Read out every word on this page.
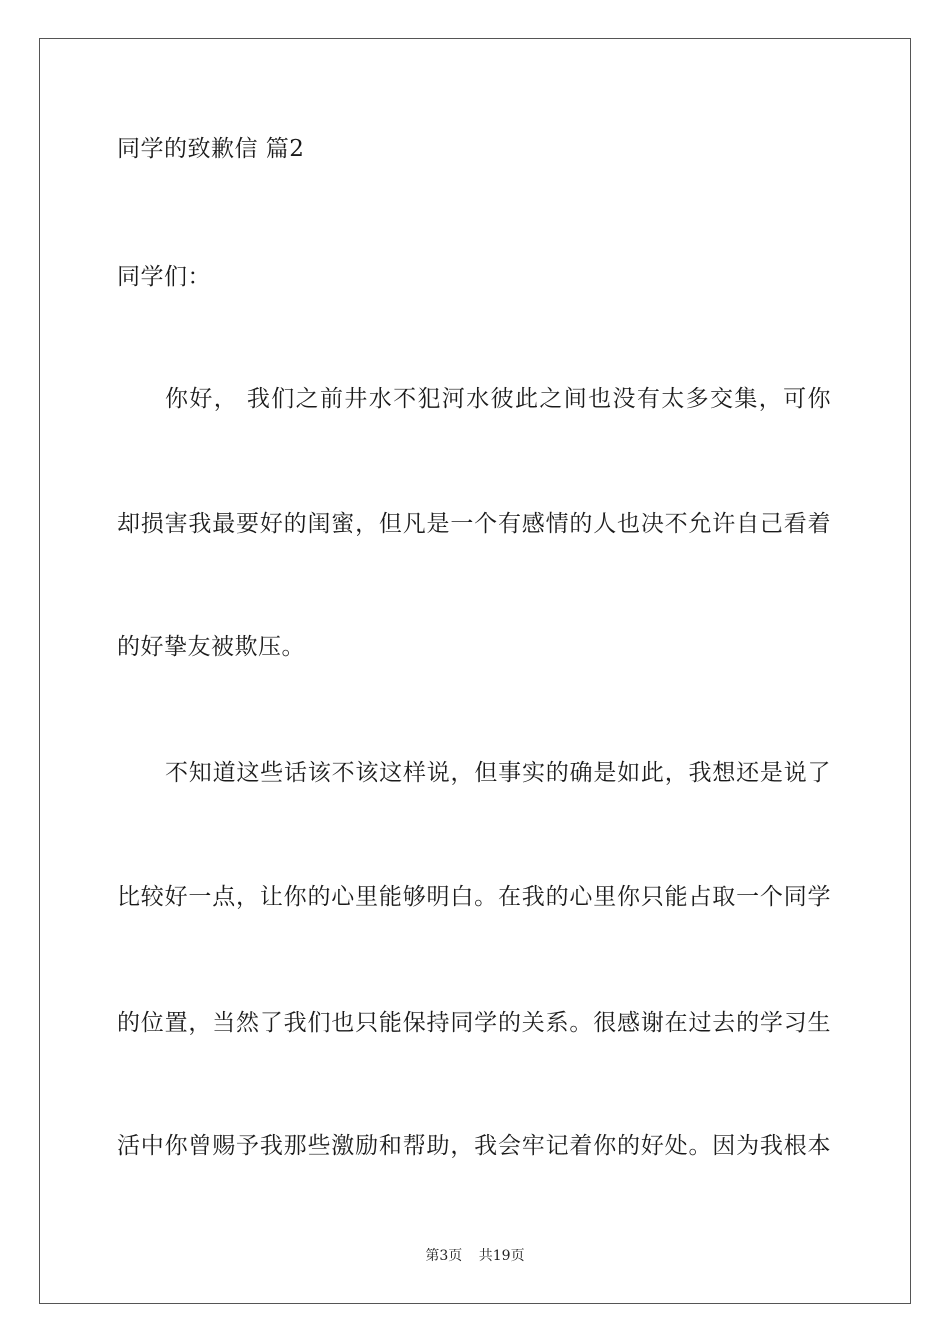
同学的致歉信 篇2
同学们：
你好， 我们之前井水不犯河水彼此之间也没有太多交集，可你
却损害我最要好的闺蜜，但凡是一个有感情的人也决不允许自己看着
的好挚友被欺压。
不知道这些话该不该这样说，但事实的确是如此，我想还是说了
比较好一点，让你的心里能够明白。在我的心里你只能占取一个同学
的位置，当然了我们也只能保持同学的关系。很感谢在过去的学习生
活中你曾赐予我那些激励和帮助，我会牢记着你的好处。因为我根本
第3页 共19页
